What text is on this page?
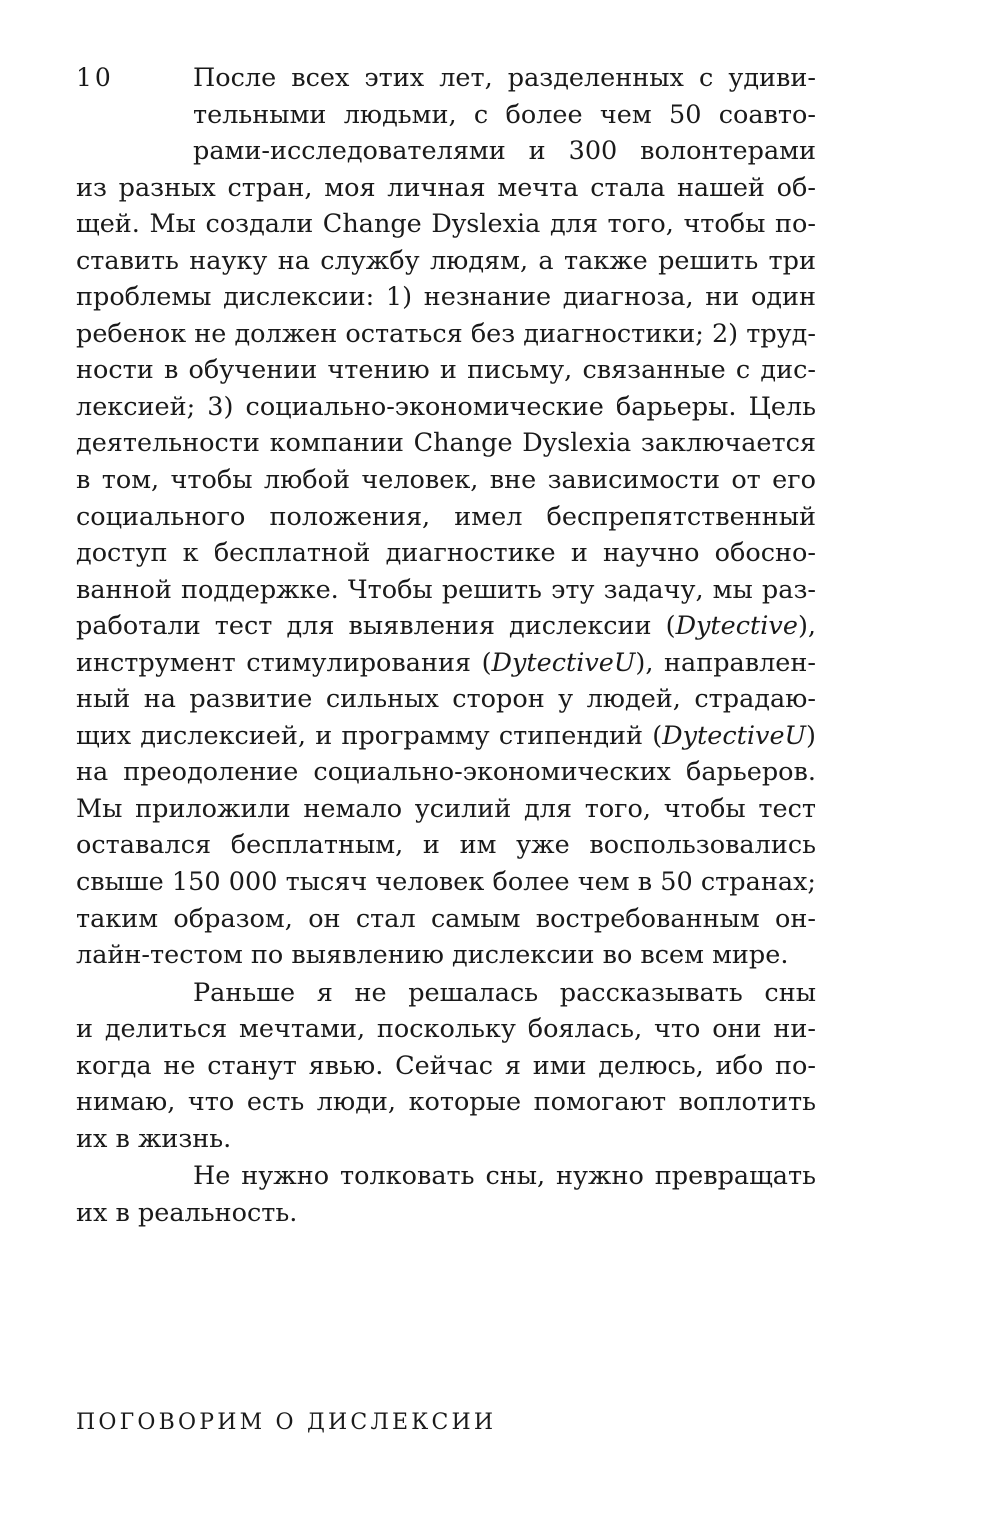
10	После всех этих лет, разделенных с удиви-
тельными людьми, с более чем 50 соавто-
рами-исследователями и 300 волонтерами
из разных стран, моя личная мечта стала нашей об-
щей. Мы создали Change Dyslexia для того, чтобы по-
ставить науку на службу людям, а также решить три
проблемы дислексии: 1) незнание диагноза, ни один
ребенок не должен остаться без диагностики; 2) труд-
ности в обучении чтению и письму, связанные с дис-
лексией; 3) социально-экономические барьеры. Цель
деятельности компании Change Dyslexia заключается
в том, чтобы любой человек, вне зависимости от его
социального положения, имел беспрепятственный
доступ к бесплатной диагностике и научно обосно-
ванной поддержке. Чтобы решить эту задачу, мы раз-
работали тест для выявления дислексии (Dytective),
инструмент стимулирования (DytectiveU), направлен-
ный на развитие сильных сторон у людей, страдаю-
щих дислексией, и программу стипендий (DytectiveU)
на преодоление социально-экономических барьеров.
Мы приложили немало усилий для того, чтобы тест
оставался бесплатным, и им уже воспользовались
свыше 150 000 тысяч человек более чем в 50 странах;
таким образом, он стал самым востребованным он-
лайн-тестом по выявлению дислексии во всем мире.
Раньше я не решалась рассказывать сны
и делиться мечтами, поскольку боялась, что они ни-
когда не станут явью. Сейчас я ими делюсь, ибо по-
нимаю, что есть люди, которые помогают воплотить
их в жизнь.
Не нужно толковать сны, нужно превращать
их в реальность.
ПОГОВОРИМ О ДИСЛЕКСИИ
